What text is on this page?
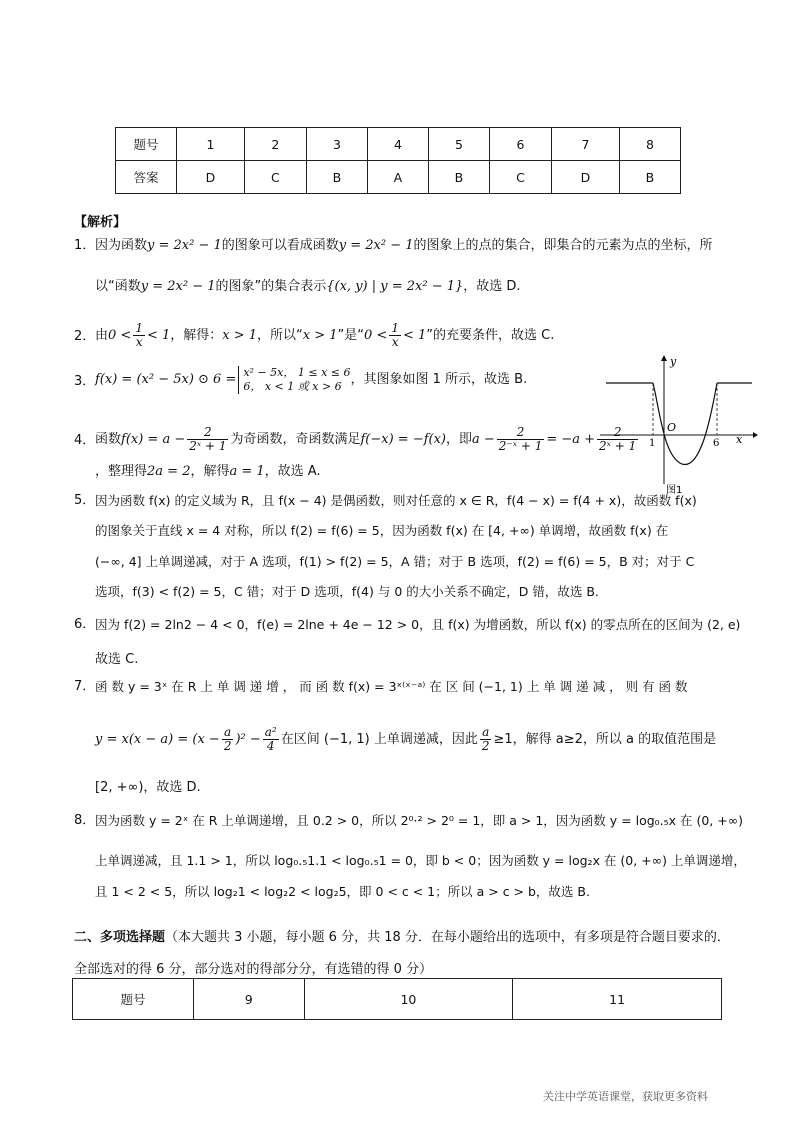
题号	1	2	3	4	5	6	7	8
答案	D	C	B	A	B	C	D	B
【解析】
1． 因为函数y = 2x² − 1的图象可以看成函数y = 2x² − 1的图象上的点的集合，即集合的元素为点的坐标，所
以“函数y = 2x² − 1的图象”的集合表示{(x, y) | y = 2x² − 1}，故选 D.
2． 由$0 < \frac{1}{x} < 1$，解得：x > 1，所以“x > 1”是“$0 < \frac{1}{x} < 1$”的充要条件，故选 C.
3． f(x) = (x² − 5x) ⊙ 6 = x² − 5x， 1 ≤ x ≤ 6
6， x < 1 或 x > 6 ，其图象如图 1 所示，故选 B.
y
x
O
1	6
图1
4． 函数$f(x) = a - \frac{2}{\text{2ˣ + 1}}$ 为奇函数，奇函数满足f(−x) = −f(x)，即$a - \frac{2}{\text{2⁻ˣ + 1}} = -a + \frac{2}{\text{2ˣ + 1}}$
，整理得2a = 2，解得a = 1，故选 A.
5． 因为函数 f(x) 的定义域为 R，且 f(x − 4) 是偶函数，则对任意的 x ∈ R，f(4 − x) = f(4 + x)，故函数 f(x)
的图象关于直线 x = 4 对称，所以 f(2) = f(6) = 5，因为函数 f(x) 在 [4, +∞) 单调增，故函数 f(x) 在
(−∞, 4] 上单调递减，对于 A 选项，f(1) > f(2) = 5，A 错；对于 B 选项，f(2) = f(6) = 5，B 对；对于 C
选项，f(3) < f(2) = 5，C 错；对于 D 选项，f(4) 与 0 的大小关系不确定，D 错，故选 B.
6． 因为 f(2) = 2ln2 − 4 < 0，f(e) = 2lne + 4e − 12 > 0，且 f(x) 为增函数，所以 f(x) 的零点所在的区间为 (2, e)
故选 C.
7． 函 数 y = 3ˣ 在 R 上 单 调 递 增 ， 而 函 数 f(x) = 3ˣ⁽ˣ⁻ᵃ⁾ 在 区 间 (−1, 1) 上 单 调 递 减 ， 则 有 函 数
$y = x(x - a) = (x - \frac{a}{2} )^2 - \frac{\text{a²}}{4}$ 在区间 (−1, 1) 上单调递减，因此 $\frac{a}{2} \ge 1$，解得 a≥2，所以 a 的取值范围是
[2, +∞)，故选 D.
8． 因为函数 y = 2ˣ 在 R 上单调递增，且 0.2 > 0，所以 2⁰·² > 2⁰ = 1，即 a > 1，因为函数 y = log₀.₅x 在 (0, +∞)
上单调递减，且 1.1 > 1，所以 log₀.₅1.1 < log₀.₅1 = 0，即 b < 0；因为函数 y = log₂x 在 (0, +∞) 上单调递增，
且 1 < 2 < 5，所以 log₂1 < log₂2 < log₂5，即 0 < c < 1；所以 a > c > b，故选 B.
二、多项选择题（本大题共 3 小题，每小题 6 分，共 18 分．在每小题给出的选项中，有多项是符合题目要求的．全部选对的得 6 分，部分选对的得部分分，有选错的得 0 分）
题号	9	10	11
关注中学英语课堂，获取更多资料
